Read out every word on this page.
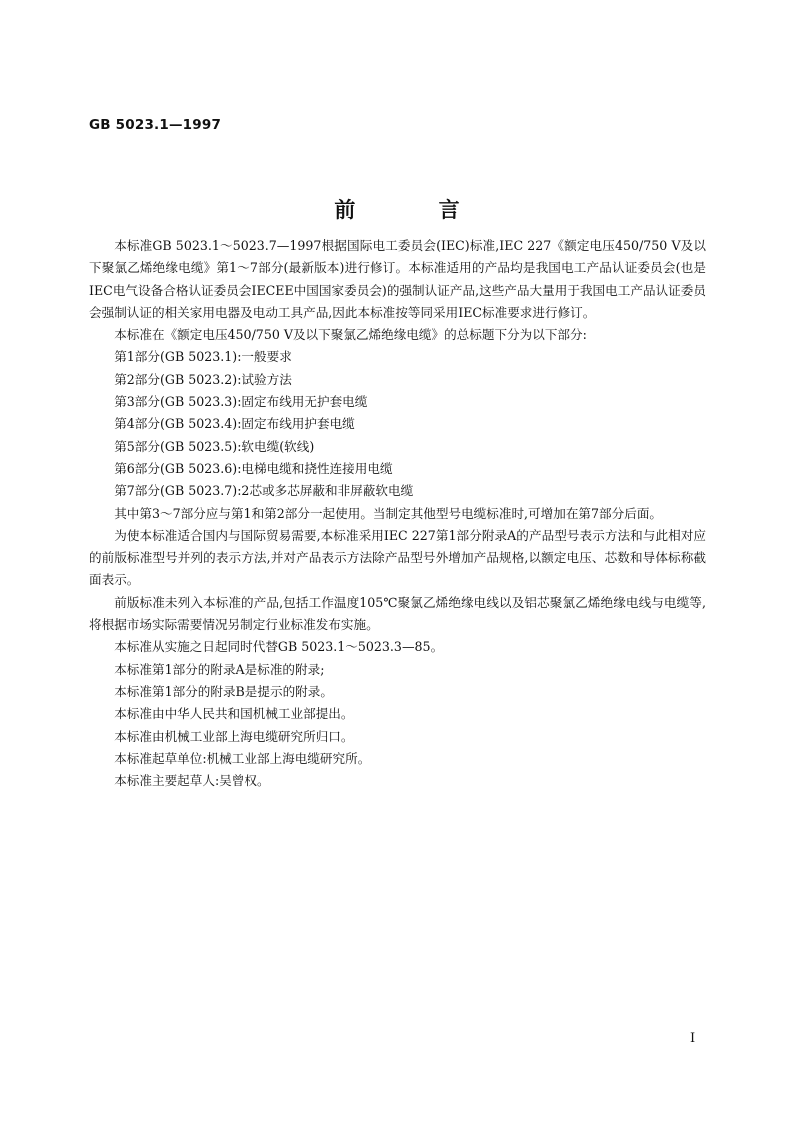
GB 5023.1—1997
前 言

本标准GB 5023.1～5023.7—1997根据国际电工委员会(IEC)标准,IEC 227《额定电压450/750 V及以下聚氯乙烯绝缘电缆》第1～7部分(最新版本)进行修订。本标准适用的产品均是我国电工产品认证委员会(也是IEC电气设备合格认证委员会IECEE中国国家委员会)的强制认证产品,这些产品大量用于我国电工产品认证委员会强制认证的相关家用电器及电动工具产品,因此本标准按等同采用IEC标准要求进行修订。

本标准在《额定电压450/750 V及以下聚氯乙烯绝缘电缆》的总标题下分为以下部分:

第1部分(GB 5023.1):一般要求

第2部分(GB 5023.2):试验方法

第3部分(GB 5023.3):固定布线用无护套电缆

第4部分(GB 5023.4):固定布线用护套电缆

第5部分(GB 5023.5):软电缆(软线)

第6部分(GB 5023.6):电梯电缆和挠性连接用电缆

第7部分(GB 5023.7):2芯或多芯屏蔽和非屏蔽软电缆

其中第3～7部分应与第1和第2部分一起使用。当制定其他型号电缆标准时,可增加在第7部分后面。

为使本标准适合国内与国际贸易需要,本标准采用IEC 227第1部分附录A的产品型号表示方法和与此相对应的前版标准型号并列的表示方法,并对产品表示方法除产品型号外增加产品规格,以额定电压、芯数和导体标称截面表示。

前版标准未列入本标准的产品,包括工作温度105℃聚氯乙烯绝缘电线以及铝芯聚氯乙烯绝缘电线与电缆等,将根据市场实际需要情况另制定行业标准发布实施。

本标准从实施之日起同时代替GB 5023.1～5023.3—85。

本标准第1部分的附录A是标准的附录;

本标准第1部分的附录B是提示的附录。

本标准由中华人民共和国机械工业部提出。

本标准由机械工业部上海电缆研究所归口。

本标准起草单位:机械工业部上海电缆研究所。

本标准主要起草人:吴曾权。

I
